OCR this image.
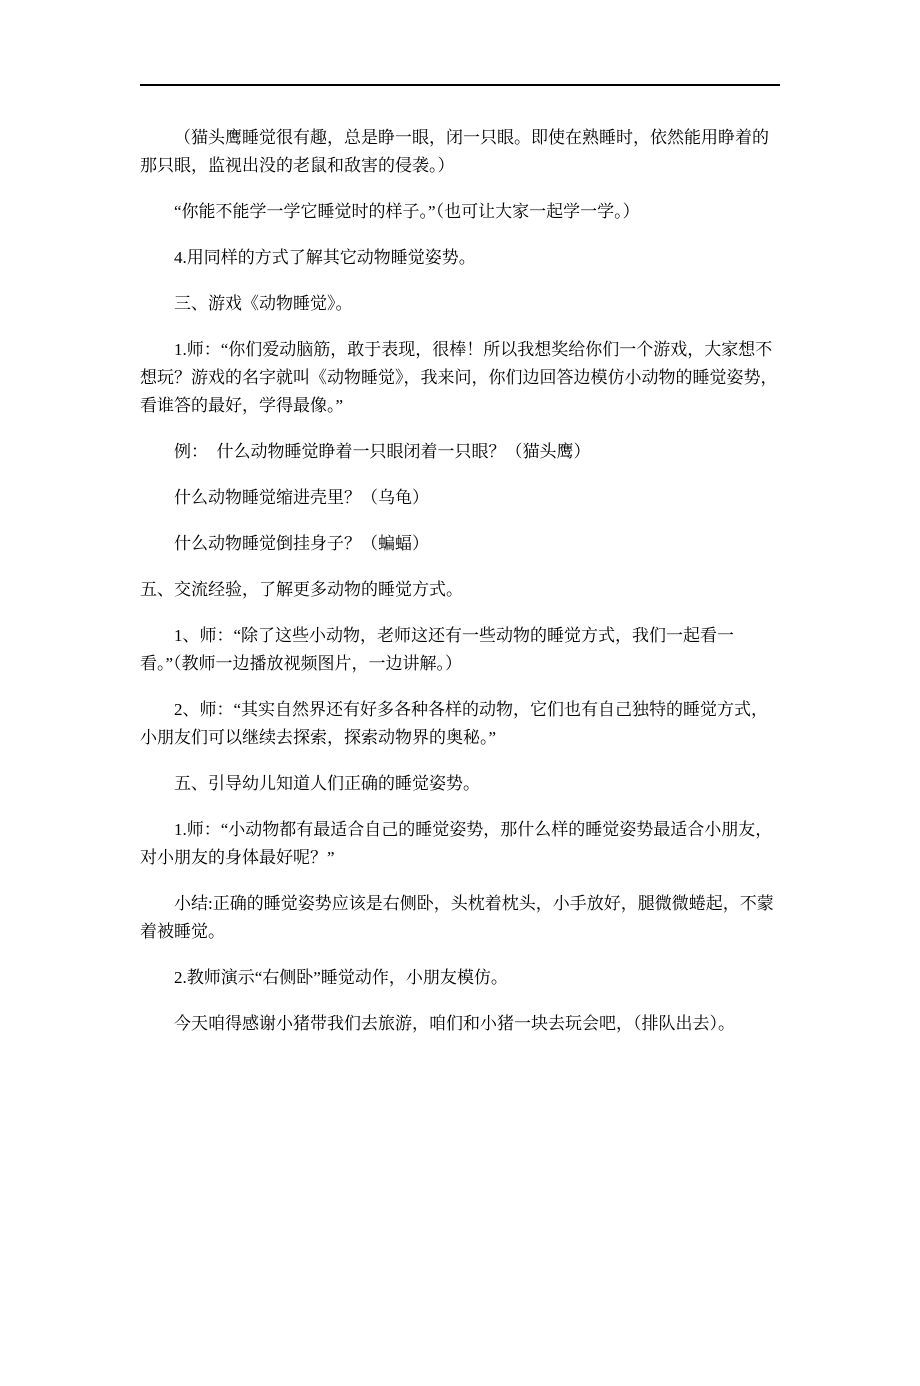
（猫头鹰睡觉很有趣，总是睁一眼，闭一只眼。即使在熟睡时，依然能用睁着的那只眼，监视出没的老鼠和敌害的侵袭。）

“你能不能学一学它睡觉时的样子。”（也可让大家一起学一学。）

4.用同样的方式了解其它动物睡觉姿势。

三、游戏《动物睡觉》。

1.师：“你们爱动脑筋，敢于表现，很棒！所以我想奖给你们一个游戏，大家想不想玩？游戏的名字就叫《动物睡觉》，我来问，你们边回答边模仿小动物的睡觉姿势，看谁答的最好，学得最像。”

例：　什么动物睡觉睁着一只眼闭着一只眼？（猫头鹰）

什么动物睡觉缩进壳里？（乌龟）

什么动物睡觉倒挂身子？（蝙蝠）

五、交流经验，了解更多动物的睡觉方式。

1、师：“除了这些小动物，老师这还有一些动物的睡觉方式，我们一起看一看。”（教师一边播放视频图片，一边讲解。）

2、师：“其实自然界还有好多各种各样的动物，它们也有自己独特的睡觉方式，小朋友们可以继续去探索，探索动物界的奥秘。”

五、引导幼儿知道人们正确的睡觉姿势。

1.师：“小动物都有最适合自己的睡觉姿势，那什么样的睡觉姿势最适合小朋友，对小朋友的身体最好呢？”

小结:正确的睡觉姿势应该是右侧卧，头枕着枕头，小手放好，腿微微蜷起，不蒙着被睡觉。

2.教师演示“右侧卧”睡觉动作，小朋友模仿。

今天咱得感谢小猪带我们去旅游，咱们和小猪一块去玩会吧，（排队出去）。
